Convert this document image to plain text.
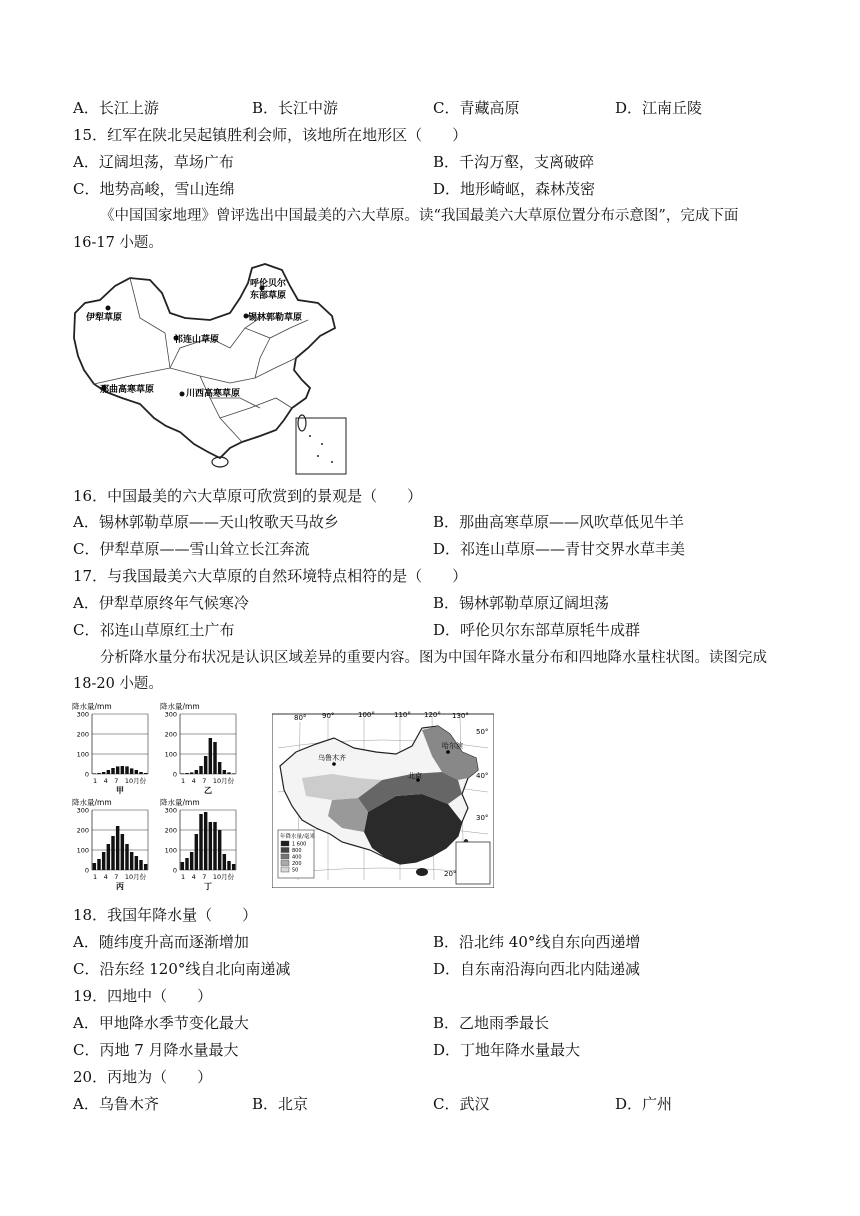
A．长江上游	B．长江中游	C．青藏高原	D．江南丘陵
15．红军在陕北吴起镇胜利会师，该地所在地形区（　　）
A．辽阔坦荡，草场广布	B．千沟万壑，支离破碎
C．地势高峻，雪山连绵	D．地形崎岖，森林茂密
《中国国家地理》曾评选出中国最美的六大草原。读“我国最美六大草原位置分布示意图”，完成下面
16-17 小题。
伊犁草原
呼伦贝尔
东部草原
锡林郭勒草原
祁连山草原
那曲高寒草原	川西高寒草原
16．中国最美的六大草原可欣赏到的景观是（　　）
A．锡林郭勒草原——天山牧歌天马故乡	B．那曲高寒草原——风吹草低见牛羊
C．伊犁草原——雪山耸立长江奔流	D．祁连山草原——青甘交界水草丰美
17．与我国最美六大草原的自然环境特点相符的是（　　）
A．伊犁草原终年气候寒冷	B．锡林郭勒草原辽阔坦荡
C．祁连山草原红土广布	D．呼伦贝尔东部草原牦牛成群
分析降水量分布状况是认识区域差异的重要内容。图为中国年降水量分布和四地降水量柱状图。读图完成
18-20 小题。
降水量/mm
300
200
100
0
1　4　7　10月份
甲
降水量/mm
300
200
100
0
1　4　7　10月份
乙
降水量/mm
300
200
100
0
1　4　7　10月份
丙
降水量/mm
300
200
100
0
1　4　7　10月份
丁
乌鲁木齐
哈尔滨
北京
80° 90°	100°	110° 120° 130°
50°
40°
30°
20°
年降水量/毫米
1 600
800
400
200
50
18．我国年降水量（　　）
A．随纬度升高而逐渐增加	B．沿北纬 40°线自东向西递增
C．沿东经 120°线自北向南递减	D．自东南沿海向西北内陆递减
19．四地中（　　）
A．甲地降水季节变化最大	B．乙地雨季最长
C．丙地 7 月降水量最大	D．丁地年降水量最大
20．丙地为（　　）
A．乌鲁木齐	B．北京	C．武汉	D．广州
